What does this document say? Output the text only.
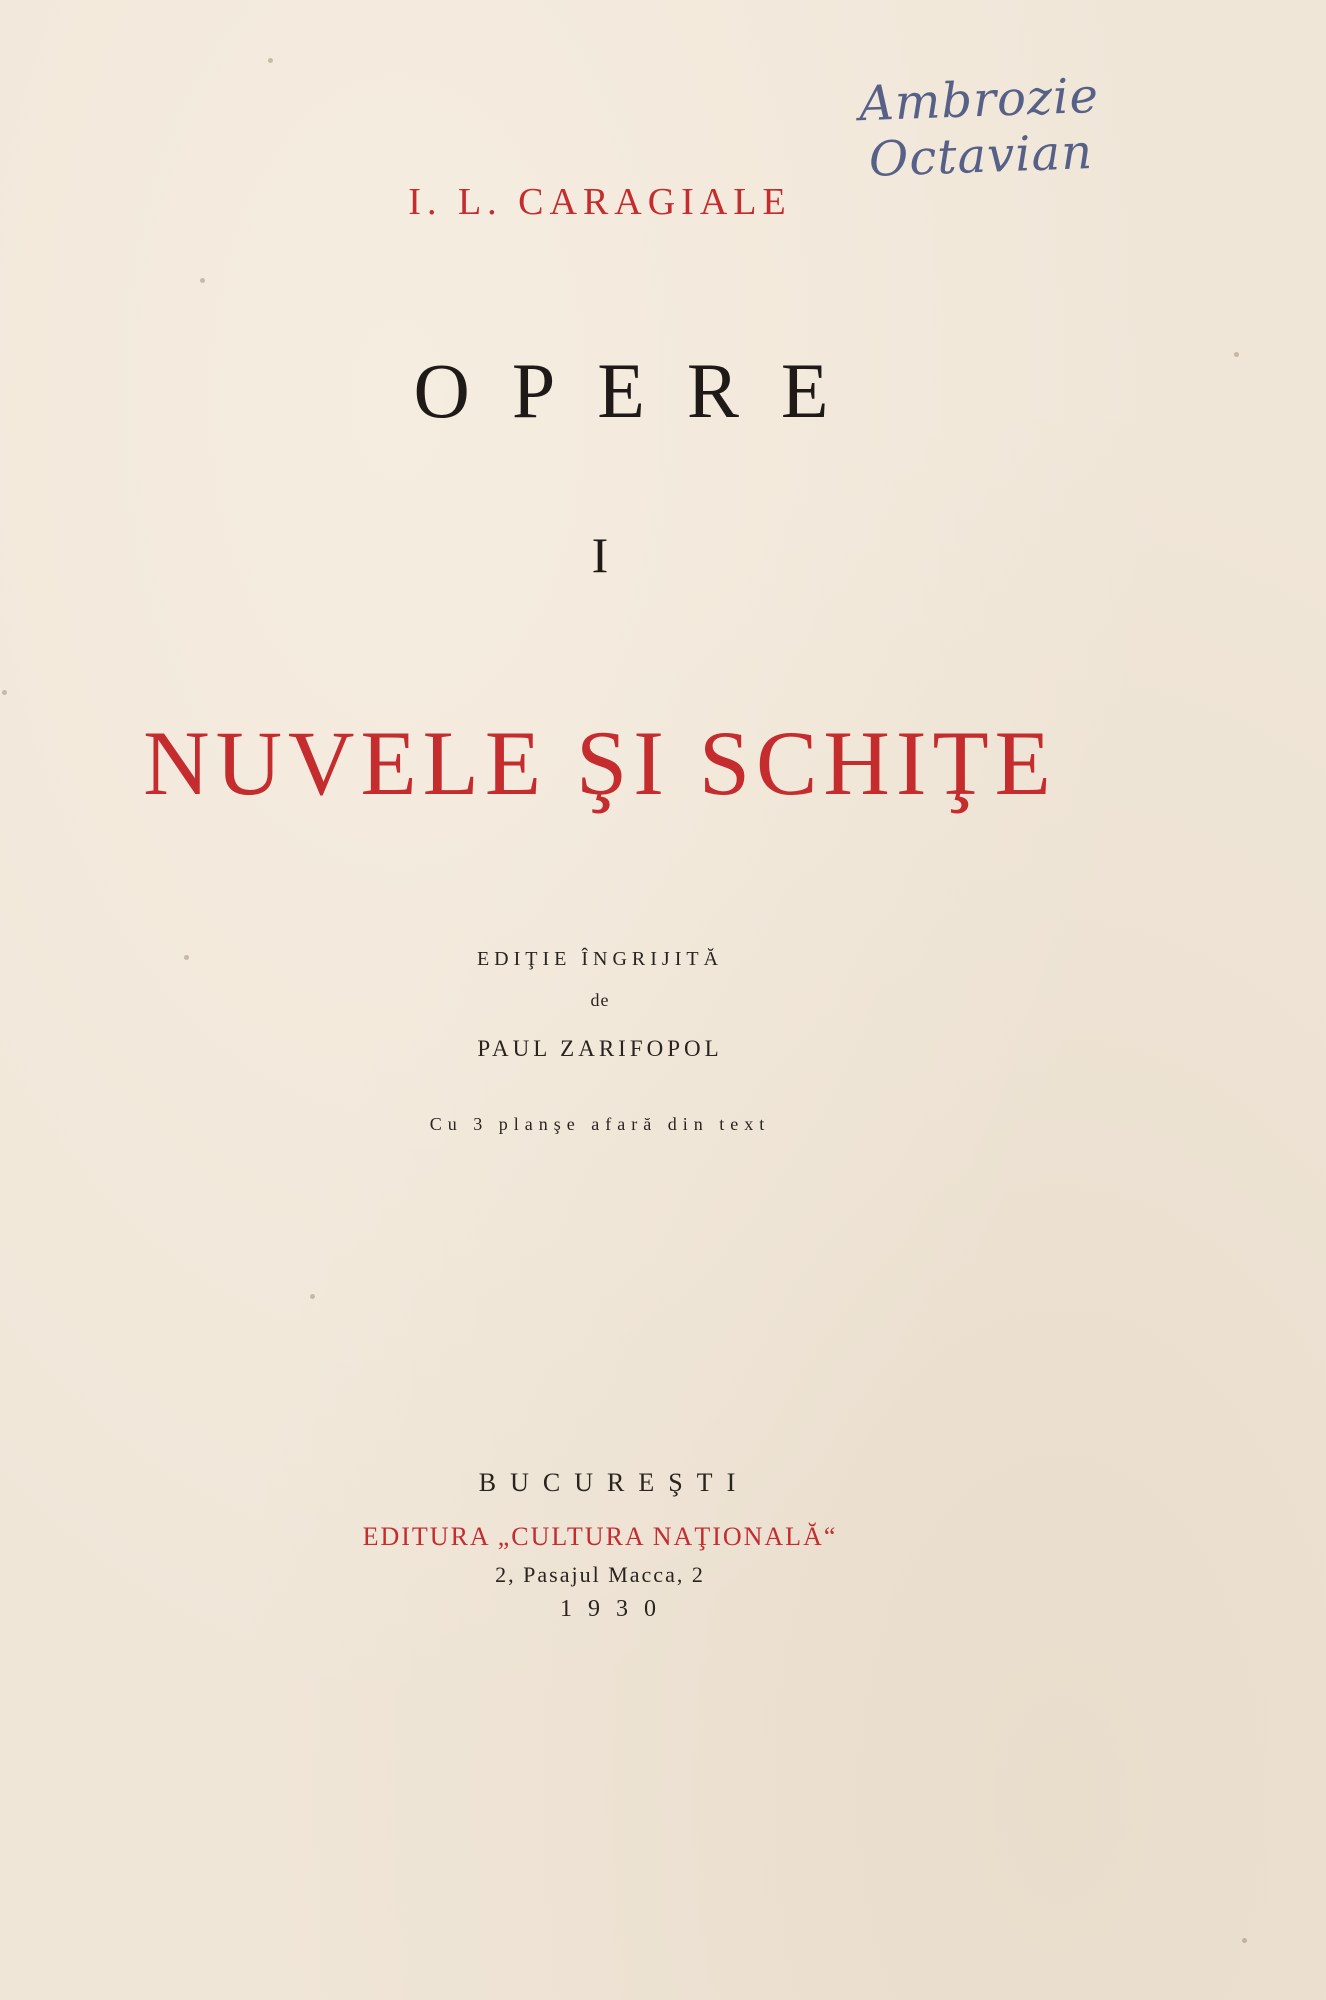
Ambrozie Octavian
I. L. CARAGIALE
OPERE
I
NUVELE ŞI SCHIŢE
EDIŢIE ÎNGRIJITĂ
de
PAUL ZARIFOPOL
Cu 3 planşe afară din text
BUCUREŞTI
EDITURA „CULTURA NAŢIONALĂ“
2, Pasajul Macca, 2
1930
